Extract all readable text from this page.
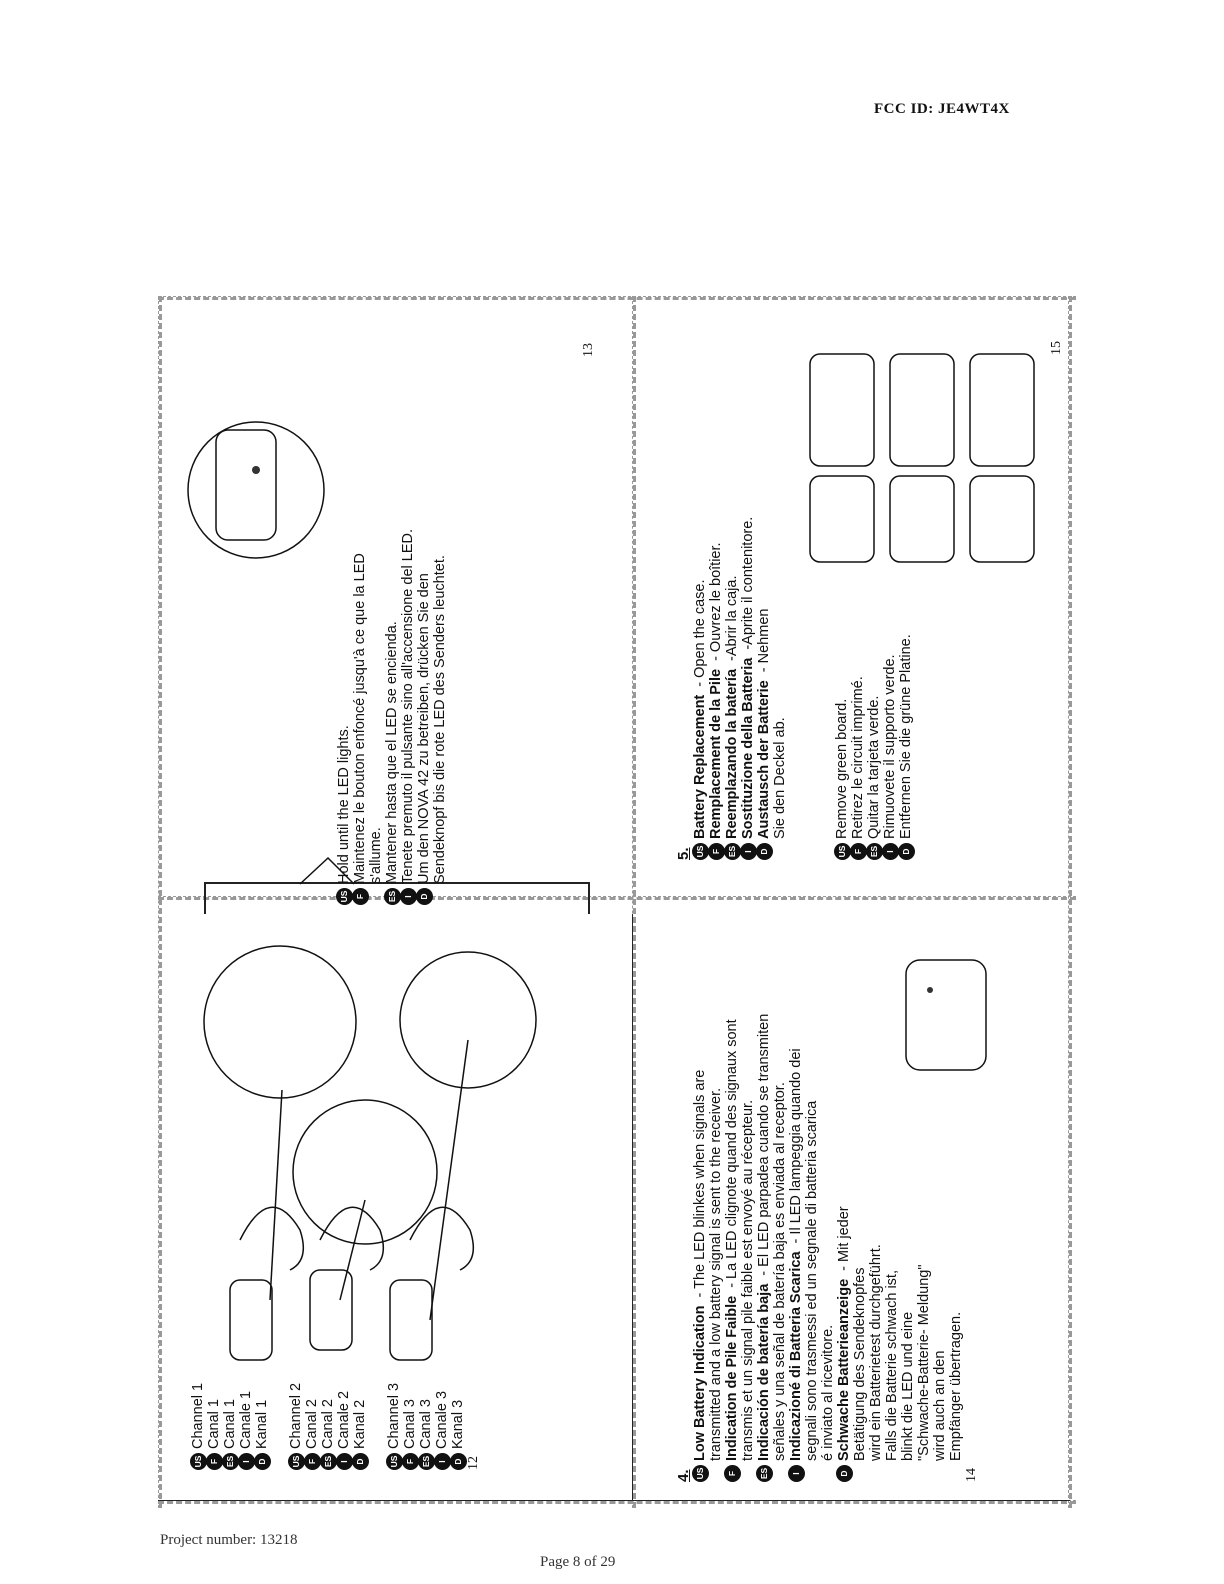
FCC ID: JE4WT4X
US
Channel 1
F
Canal 1
ES
Canal 1
I
Canale 1
D
Kanal 1
US
Channel 2
F
Canal 2
ES
Canal 2
I
Canale 2
D
Kanal 2
US
Channel 3
F
Canal 3
ES
Canal 3
I
Canale 3
D
Kanal 3
12
US
Hold until the LED lights.
F
Maintenez le bouton enfoncé jusqu'à ce que la LED s'allume.
ES
Mantener hasta que el LED se encienda.
I
Tenete premuto il pulsante sino all'accensione del LED.
D
Um den NOVA 42 zu betreiben, drücken Sie den Sendeknopf bis die rote LED des Senders leuchtet.
13
4. US
Low Battery Indication
- The LED blinkes when signals are transmitted and a low battery signal is sent to the receiver.
F
Indication de Pile Faible
- La LED clignote quand des signaux sont transmis et un signal pile faible est envoyé au récepteur.
ES
Indicación de batería baja
- El LED parpadea cuando se transmiten señales y una señal de batería baja es enviada al receptor.
I
Indicazioné di Batteria Scarica
- Il LED lampeggia quando dei segnali sono trasmessi ed un segnale di batteria scarica é inviato al ricevitore.
D
Schwache Batterieanzeige
- Mit jeder
Betätigung des Sendeknopfes wird ein Batterietest durchgeführt. Falls die Batterie schwach ist, blinkt die LED und eine "Schwache-Batterie- Meldung" wird auch an den Empfänger übertragen.
14
5. US
Battery Replacement
- Open the case.
F
Remplacement de la Pile
- Ouvrez le boîtier.
ES
Reemplazando la batería
-Abrir la caja.
I
Sostituzione della Batteria
-Aprite il contenitore.
D
Austausch der Batterie
- Nehmen
Sie den Deckel ab.
US
Remove green board.
F
Retirez le circuit imprimé.
ES
Quitar la tarjeta verde.
I
Rimuovete il supporto verde.
D
Entfernen Sie die grüne Platine.
15
Project number: 13218
Page 8 of 29
